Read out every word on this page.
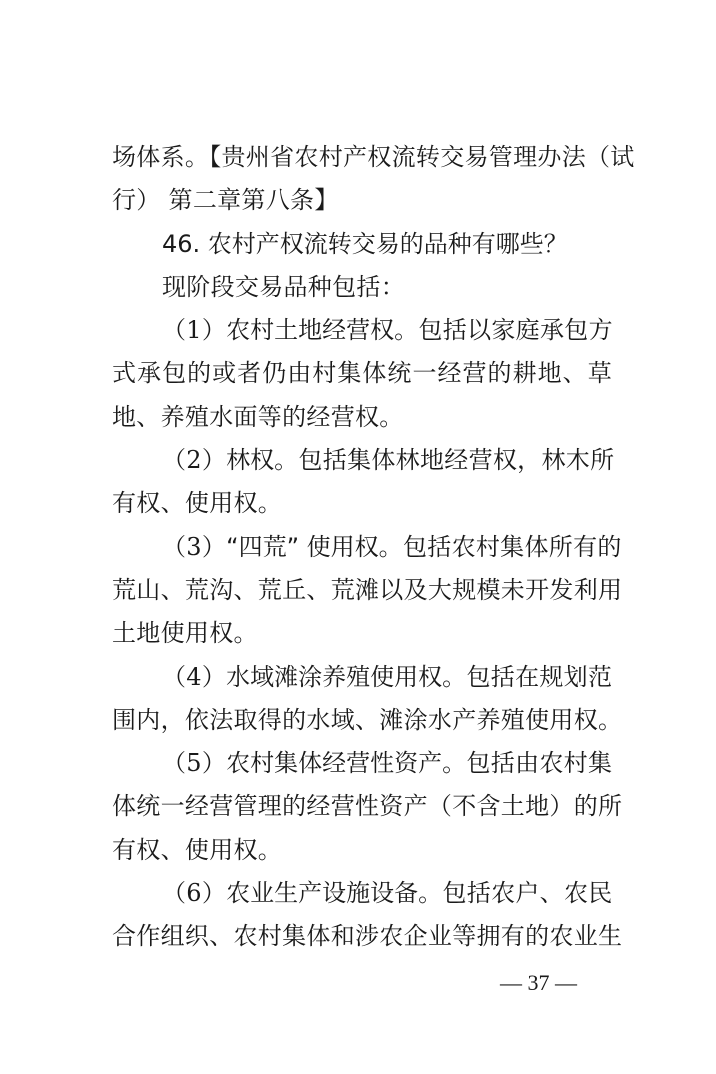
场体系。【贵州省农村产权流转交易管理办法（试
行） 第二章第八条】
46. 农村产权流转交易的品种有哪些？
现阶段交易品种包括：
（1）农村土地经营权。包括以家庭承包方
式承包的或者仍由村集体统一经营的耕地、草
地、养殖水面等的经营权。
（2）林权。包括集体林地经营权，林木所
有权、使用权。
（3）“四荒” 使用权。包括农村集体所有的
荒山、荒沟、荒丘、荒滩以及大规模未开发利用
土地使用权。
（4）水域滩涂养殖使用权。包括在规划范
围内，依法取得的水域、滩涂水产养殖使用权。
（5）农村集体经营性资产。包括由农村集
体统一经营管理的经营性资产（不含土地）的所
有权、使用权。
（6）农业生产设施设备。包括农户、农民
合作组织、农村集体和涉农企业等拥有的农业生
— 37 —
